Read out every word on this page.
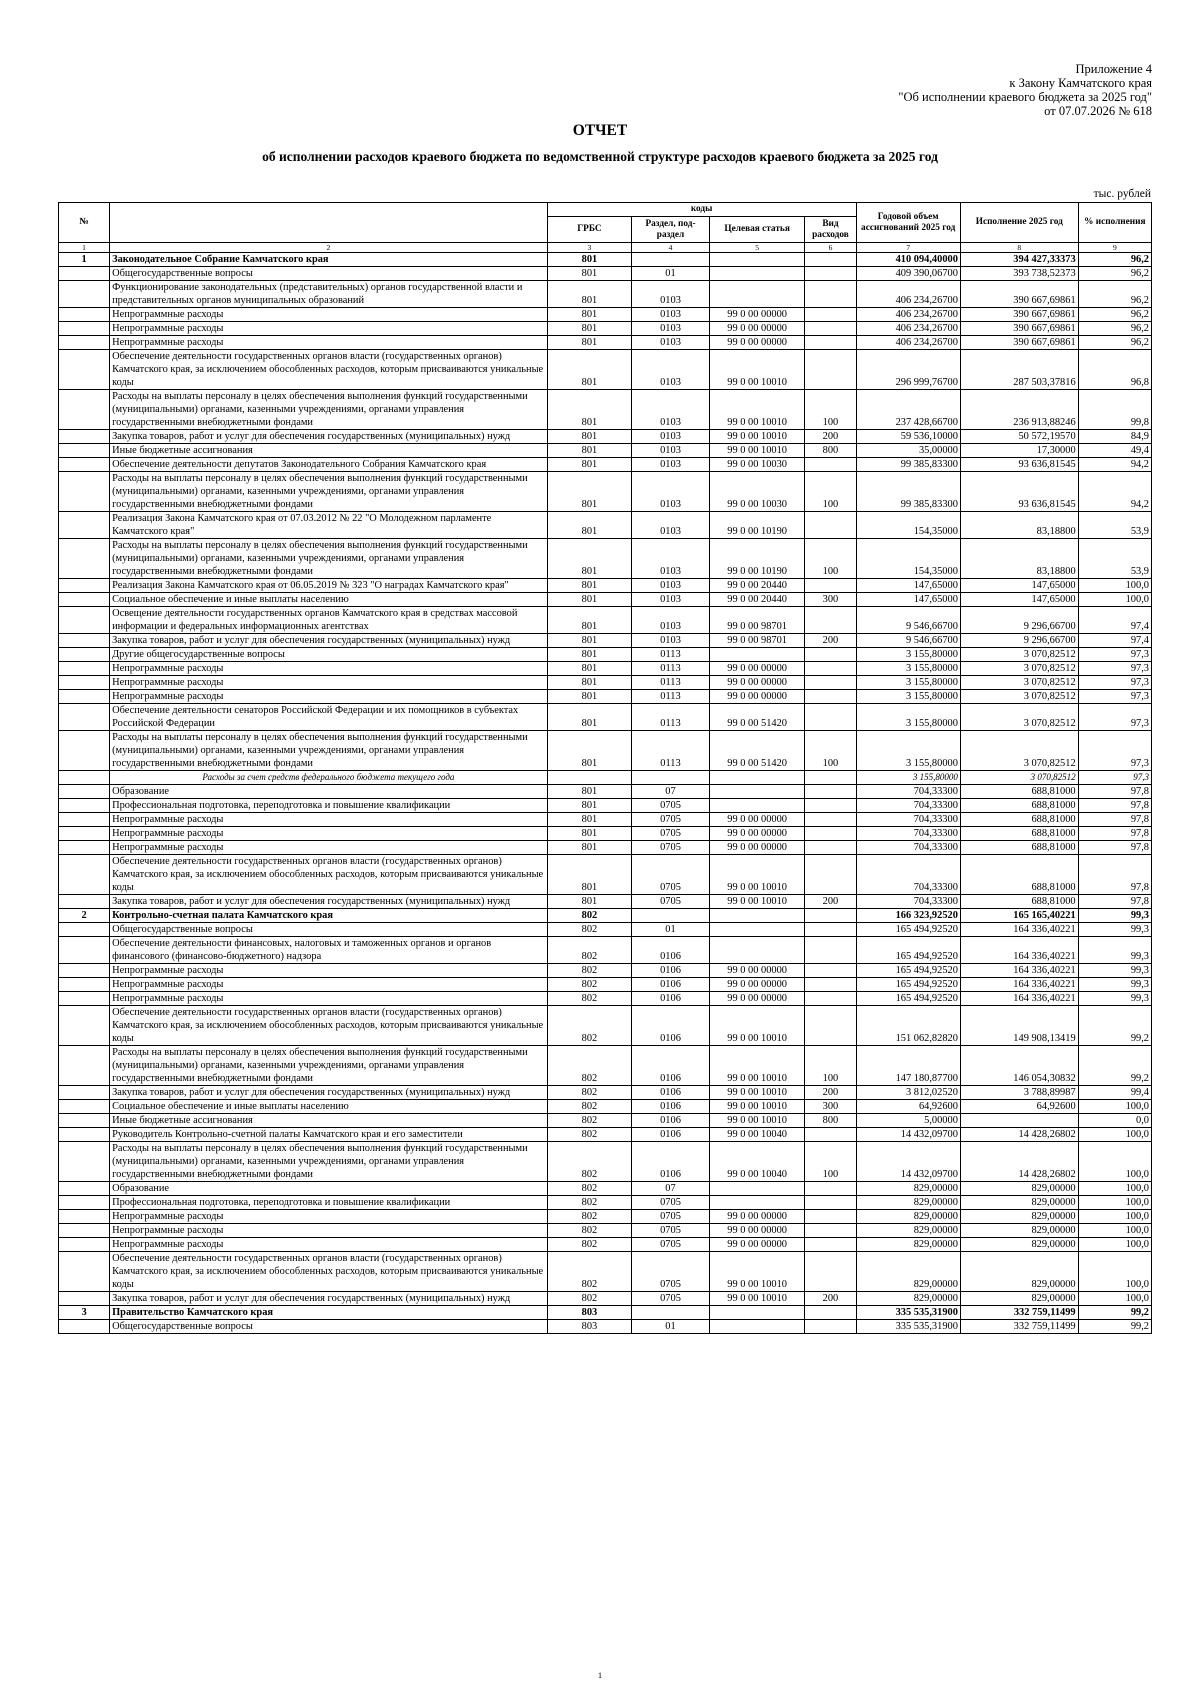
Приложение 4
к Закону Камчатского края
"Об исполнении краевого бюджета за 2025 год"
от 07.07.2026 № 618
ОТЧЕТ
об исполнении расходов краевого бюджета по ведомственной структуре расходов краевого бюджета за 2025 год
тыс. рублей
№		коды				Годовой объем ассигнований 2025 год	Исполнение 2025 год	% исполнения
		ГРБС	Раздел, под- раздел	Целевая статья	Вид расходов			
1	2	3	4	5	6	7	8	9
1	Законодательное Собрание Камчатского края	801				410 094,40000	394 427,33373	96,2
	Общегосударственные вопросы	801	01			409 390,06700	393 738,52373	96,2
	Функционирование законодательных (представительных) органов государственной власти и представительных органов муниципальных образований	801	0103			406 234,26700	390 667,69861	96,2
	Непрограммные расходы	801	0103	99 0 00 00000		406 234,26700	390 667,69861	96,2
	Непрограммные расходы	801	0103	99 0 00 00000		406 234,26700	390 667,69861	96,2
	Непрограммные расходы	801	0103	99 0 00 00000		406 234,26700	390 667,69861	96,2
	Обеспечение деятельности государственных органов власти (государственных органов) Камчатского края, за исключением обособленных расходов, которым присваиваются уникальные коды	801	0103	99 0 00 10010		296 999,76700	287 503,37816	96,8
	Расходы на выплаты персоналу в целях обеспечения выполнения функций государственными (муниципальными) органами, казенными учреждениями, органами управления государственными внебюджетными фондами	801	0103	99 0 00 10010	100	237 428,66700	236 913,88246	99,8
	Закупка товаров, работ и услуг для обеспечения государственных (муниципальных) нужд	801	0103	99 0 00 10010	200	59 536,10000	50 572,19570	84,9
	Иные бюджетные ассигнования	801	0103	99 0 00 10010	800	35,00000	17,30000	49,4
	Обеспечение деятельности депутатов Законодательного Собрания Камчатского края	801	0103	99 0 00 10030		99 385,83300	93 636,81545	94,2
	Расходы на выплаты персоналу в целях обеспечения выполнения функций государственными (муниципальными) органами, казенными учреждениями, органами управления государственными внебюджетными фондами	801	0103	99 0 00 10030	100	99 385,83300	93 636,81545	94,2
	Реализация Закона Камчатского края от 07.03.2012 № 22 "О Молодежном парламенте Камчатского края"	801	0103	99 0 00 10190		154,35000	83,18800	53,9
	Расходы на выплаты персоналу в целях обеспечения выполнения функций государственными (муниципальными) органами, казенными учреждениями, органами управления государственными внебюджетными фондами	801	0103	99 0 00 10190	100	154,35000	83,18800	53,9
	Реализация Закона Камчатского края от 06.05.2019 № 323 "О наградах Камчатского края"	801	0103	99 0 00 20440		147,65000	147,65000	100,0
	Социальное обеспечение и иные выплаты населению	801	0103	99 0 00 20440	300	147,65000	147,65000	100,0
	Освещение деятельности государственных органов Камчатского края в средствах массовой информации и федеральных информационных агентствах	801	0103	99 0 00 98701		9 546,66700	9 296,66700	97,4
	Закупка товаров, работ и услуг для обеспечения государственных (муниципальных) нужд	801	0103	99 0 00 98701	200	9 546,66700	9 296,66700	97,4
	Другие общегосударственные вопросы	801	0113			3 155,80000	3 070,82512	97,3
	Непрограммные расходы	801	0113	99 0 00 00000		3 155,80000	3 070,82512	97,3
	Непрограммные расходы	801	0113	99 0 00 00000		3 155,80000	3 070,82512	97,3
	Непрограммные расходы	801	0113	99 0 00 00000		3 155,80000	3 070,82512	97,3
	Обеспечение деятельности сенаторов Российской Федерации и их помощников в субъектах Российской Федерации	801	0113	99 0 00 51420		3 155,80000	3 070,82512	97,3
	Расходы на выплаты персоналу в целях обеспечения выполнения функций государственными (муниципальными) органами, казенными учреждениями, органами управления государственными внебюджетными фондами	801	0113	99 0 00 51420	100	3 155,80000	3 070,82512	97,3
	Расходы за счет средств федерального бюджета текущего года					3 155,80000	3 070,82512	97,3
	Образование	801	07			704,33300	688,81000	97,8
	Профессиональная подготовка, переподготовка и повышение квалификации	801	0705			704,33300	688,81000	97,8
	Непрограммные расходы	801	0705	99 0 00 00000		704,33300	688,81000	97,8
	Непрограммные расходы	801	0705	99 0 00 00000		704,33300	688,81000	97,8
	Непрограммные расходы	801	0705	99 0 00 00000		704,33300	688,81000	97,8
	Обеспечение деятельности государственных органов власти (государственных органов) Камчатского края, за исключением обособленных расходов, которым присваиваются уникальные коды	801	0705	99 0 00 10010		704,33300	688,81000	97,8
	Закупка товаров, работ и услуг для обеспечения государственных (муниципальных) нужд	801	0705	99 0 00 10010	200	704,33300	688,81000	97,8
2	Контрольно-счетная палата Камчатского края	802				166 323,92520	165 165,40221	99,3
	Общегосударственные вопросы	802	01			165 494,92520	164 336,40221	99,3
	Обеспечение деятельности финансовых, налоговых и таможенных органов и органов финансового (финансово-бюджетного) надзора	802	0106			165 494,92520	164 336,40221	99,3
	Непрограммные расходы	802	0106	99 0 00 00000		165 494,92520	164 336,40221	99,3
	Непрограммные расходы	802	0106	99 0 00 00000		165 494,92520	164 336,40221	99,3
	Непрограммные расходы	802	0106	99 0 00 00000		165 494,92520	164 336,40221	99,3
	Обеспечение деятельности государственных органов власти (государственных органов) Камчатского края, за исключением обособленных расходов, которым присваиваются уникальные коды	802	0106	99 0 00 10010		151 062,82820	149 908,13419	99,2
	Расходы на выплаты персоналу в целях обеспечения выполнения функций государственными (муниципальными) органами, казенными учреждениями, органами управления государственными внебюджетными фондами	802	0106	99 0 00 10010	100	147 180,87700	146 054,30832	99,2
	Закупка товаров, работ и услуг для обеспечения государственных (муниципальных) нужд	802	0106	99 0 00 10010	200	3 812,02520	3 788,89987	99,4
	Социальное обеспечение и иные выплаты населению	802	0106	99 0 00 10010	300	64,92600	64,92600	100,0
	Иные бюджетные ассигнования	802	0106	99 0 00 10010	800	5,00000		0,0
	Руководитель Контрольно-счетной палаты Камчатского края и его заместители	802	0106	99 0 00 10040		14 432,09700	14 428,26802	100,0
	Расходы на выплаты персоналу в целях обеспечения выполнения функций государственными (муниципальными) органами, казенными учреждениями, органами управления государственными внебюджетными фондами	802	0106	99 0 00 10040	100	14 432,09700	14 428,26802	100,0
	Образование	802	07			829,00000	829,00000	100,0
	Профессиональная подготовка, переподготовка и повышение квалификации	802	0705			829,00000	829,00000	100,0
	Непрограммные расходы	802	0705	99 0 00 00000		829,00000	829,00000	100,0
	Непрограммные расходы	802	0705	99 0 00 00000		829,00000	829,00000	100,0
	Непрограммные расходы	802	0705	99 0 00 00000		829,00000	829,00000	100,0
	Обеспечение деятельности государственных органов власти (государственных органов) Камчатского края, за исключением обособленных расходов, которым присваиваются уникальные коды	802	0705	99 0 00 10010		829,00000	829,00000	100,0
	Закупка товаров, работ и услуг для обеспечения государственных (муниципальных) нужд	802	0705	99 0 00 10010	200	829,00000	829,00000	100,0
3	Правительство Камчатского края	803				335 535,31900	332 759,11499	99,2
	Общегосударственные вопросы	803	01			335 535,31900	332 759,11499	99,2
1
